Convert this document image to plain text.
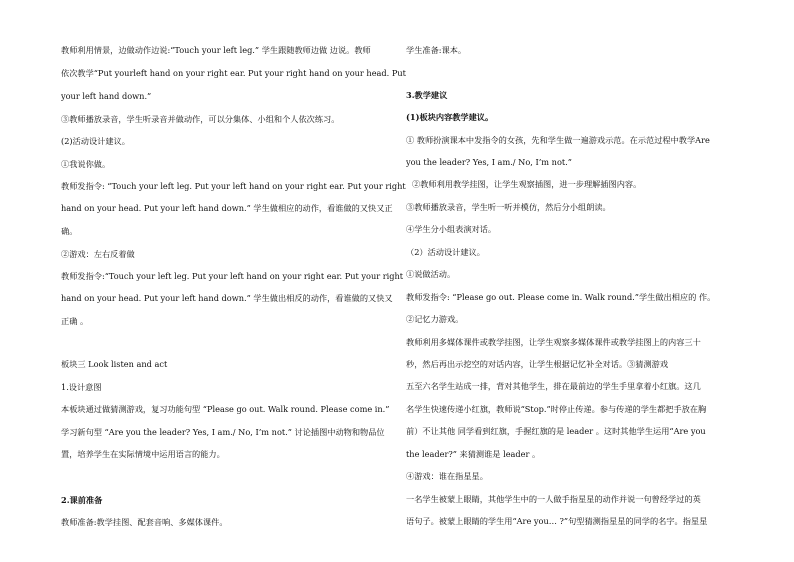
教师利用情景，边做动作边说:“Touch your left leg.” 学生跟随教师边做 边说。教师
依次教学“Put yourleft hand on your right ear. Put your right hand on your head. Put
your left hand down.”
③教师播放录音，学生听录音并做动作，可以分集体、小组和个人依次练习。
(2)活动设计建议。
①我说你做。
教师发指令: “Touch your left leg. Put your left hand on your right ear. Put your right
hand on your head. Put your left hand down.” 学生做相应的动作，看谁做的又快又正
确。
②游戏：左右反着做
教师发指令:“Touch your left leg. Put your left hand on your right ear. Put your right
hand on your head. Put your left hand down.” 学生做出相反的动作，看谁做的又快又
正确 。
板块三 Look listen and act
1.设计意图
本板块通过做猜测游戏，复习功能句型 “Please go out. Walk round. Please come in.”
学习新句型 “Are you the leader? Yes, I am./ No, I’m not.” 讨论插图中动物和物品位
置，培养学生在实际情境中运用语言的能力。
2.课前准备
教师准备:教学挂图、配套音响、多媒体课件。
学生准备:课本。
3.教学建议
(1)板块内容教学建议。
① 教师扮演课本中发指令的女孩，先和学生做一遍游戏示范。在示范过程中教学Are
you the leader? Yes, I am./ No, I’m not.”
②教师利用教学挂图，让学生观察插图，进一步理解插图内容。
③教师播放录音，学生听一听并模仿，然后分小组朗读。
④学生分小组表演对话。
（2）活动设计建议。
①说做活动。
教师发指令: “Please go out. Please come in. Walk round.”学生做出相应的 作。
②记忆力游戏。
教师利用多媒体课件或教学挂图，让学生观察多媒体课件或教学挂图上的内容三十
秒，然后再出示挖空的对话内容，让学生根据记忆补全对话。③猜测游戏
五至六名学生站成一排，背对其他学生，排在最前边的学生手里拿着小红旗。这几
名学生快速传递小红旗，教师说“Stop.”时停止传递。参与传递的学生都把手放在胸
前）不让其他 同学看到红旗，手握红旗的是 leader 。这时其他学生运用“Are you
the leader?” 来猜测谁是 leader 。
④游戏：谁在指星星。
一名学生被蒙上眼睛，其他学生中的一人做手指星星的动作并说一句曾经学过的英
语句子。被蒙上眼睛的学生用“Are you… ?”句型猜测指星星的同学的名字。指星星
